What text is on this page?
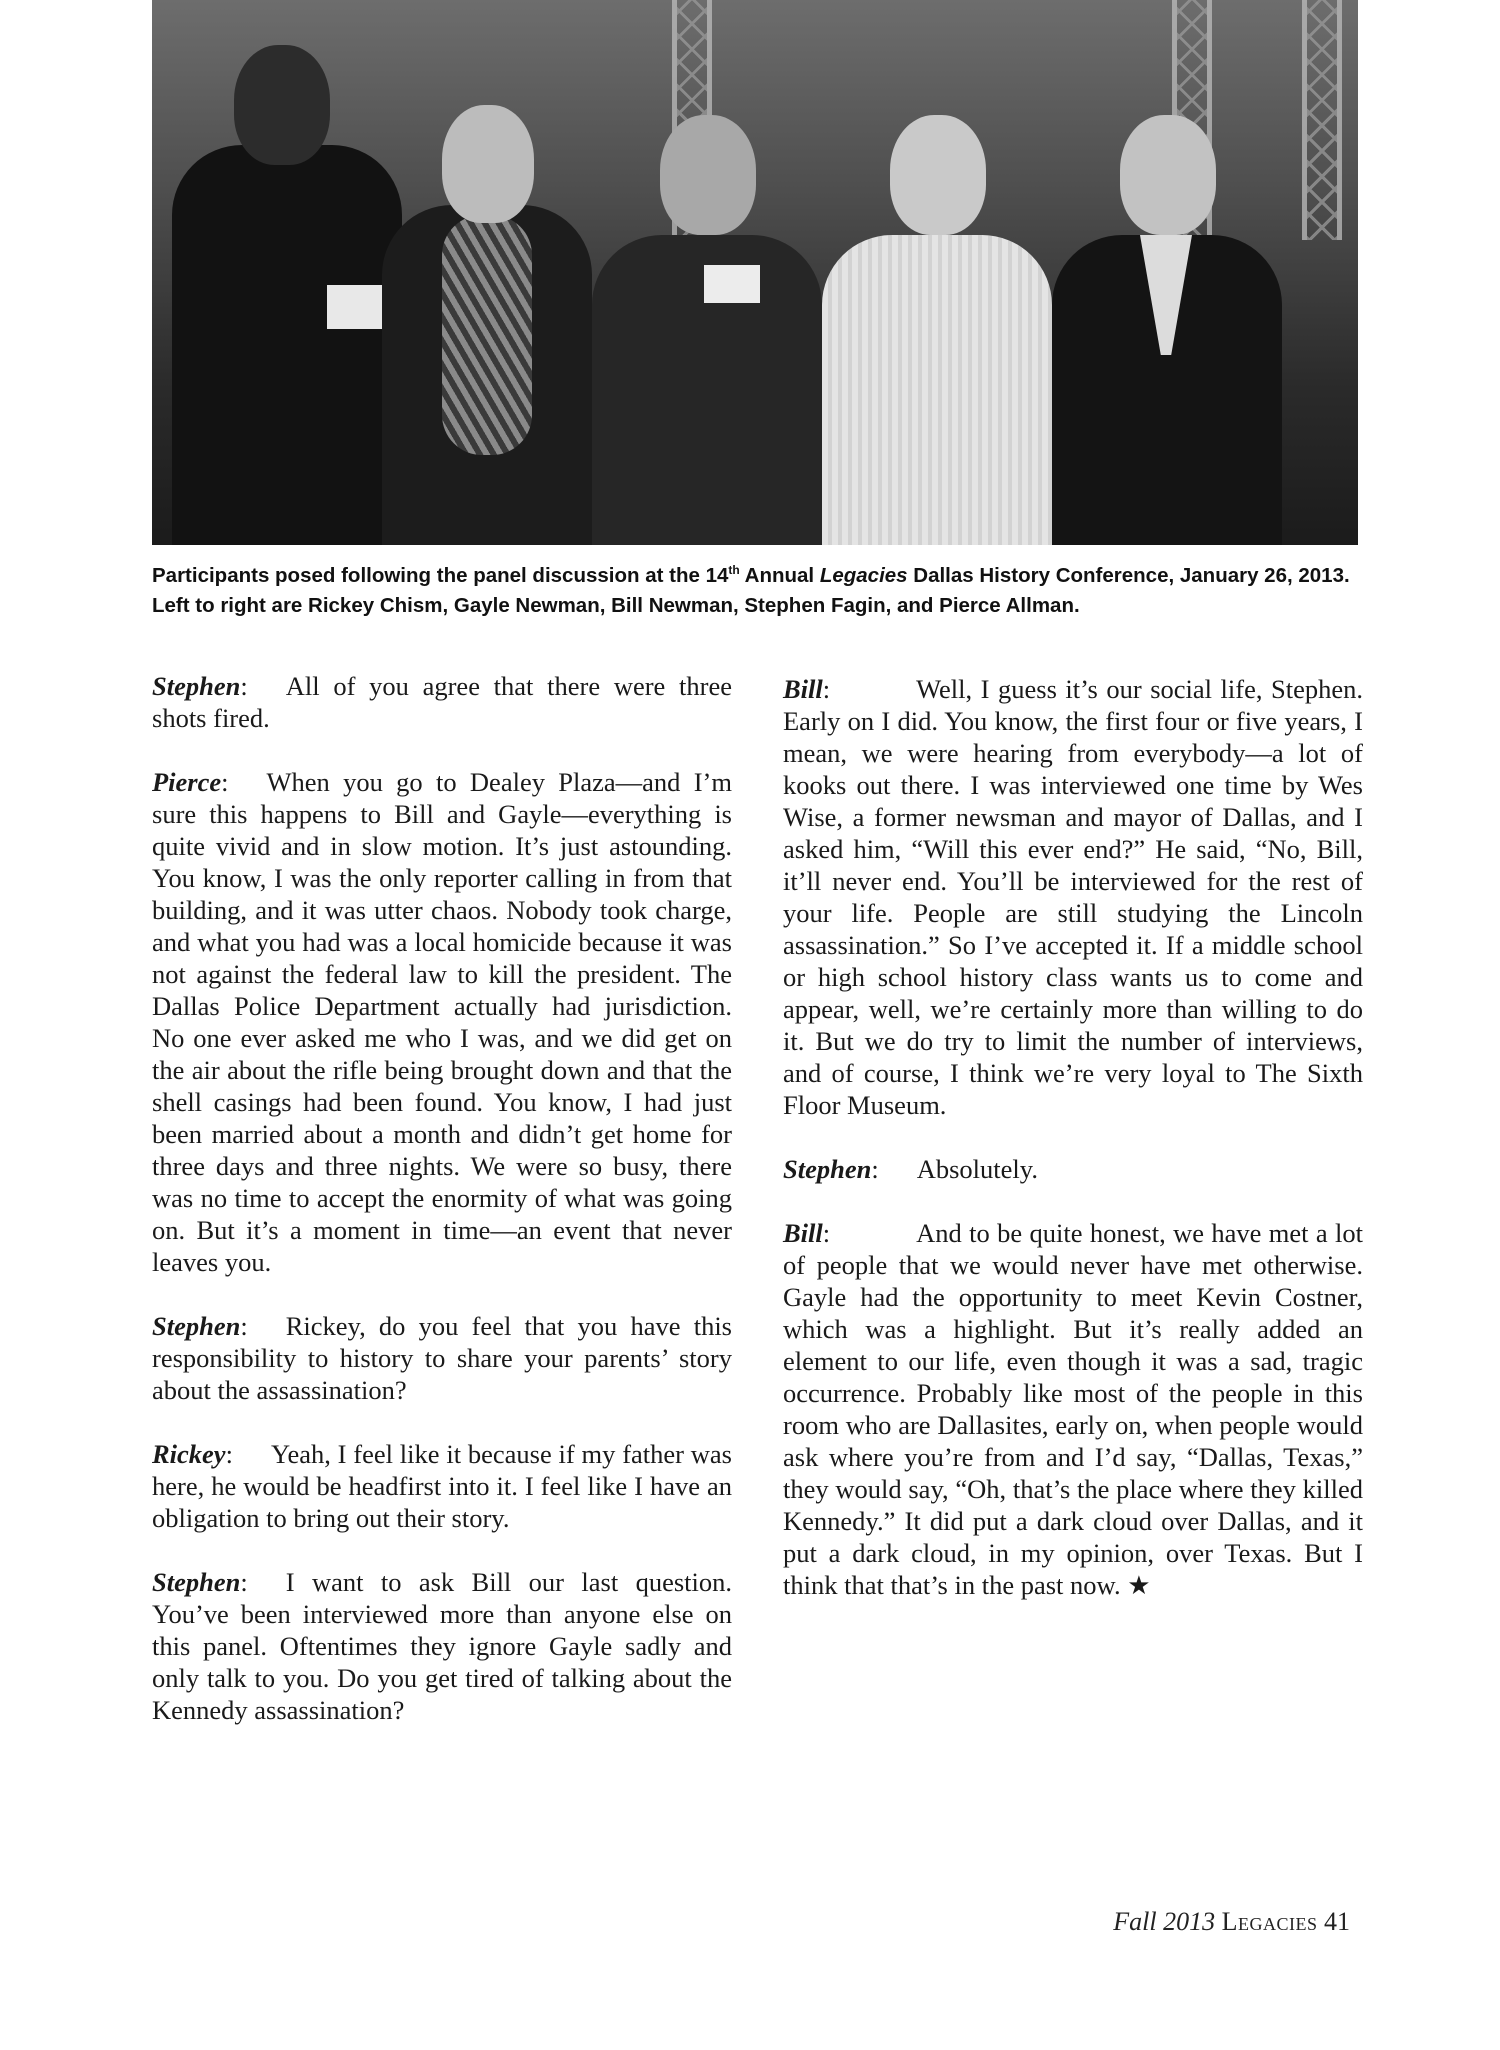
Participants posed following the panel discussion at the 14th Annual Legacies Dallas History Conference, January 26, 2013. Left to right are Rickey Chism, Gayle Newman, Bill Newman, Stephen Fagin, and Pierce Allman.

Stephen: All of you agree that there were three shots fired.

Pierce: When you go to Dealey Plaza—and I’m sure this happens to Bill and Gayle—everything is quite vivid and in slow motion. It’s just astounding. You know, I was the only reporter calling in from that building, and it was utter chaos. Nobody took charge, and what you had was a local homicide because it was not against the federal law to kill the president. The Dallas Police Department actually had jurisdiction. No one ever asked me who I was, and we did get on the air about the rifle being brought down and that the shell casings had been found. You know, I had just been married about a month and didn’t get home for three days and three nights. We were so busy, there was no time to accept the enormity of what was going on. But it’s a moment in time—an event that never leaves you.

Stephen: Rickey, do you feel that you have this responsibility to history to share your parents’ story about the assassination?

Rickey: Yeah, I feel like it because if my father was here, he would be headfirst into it. I feel like I have an obligation to bring out their story.

Stephen: I want to ask Bill our last question. You’ve been interviewed more than anyone else on this panel. Oftentimes they ignore Gayle sadly and only talk to you. Do you get tired of talking about the Kennedy assassination?

Bill:	Well, I guess it’s our social life, Stephen. Early on I did. You know, the first four or five years, I mean, we were hearing from everybody—a lot of kooks out there. I was interviewed one time by Wes Wise, a former newsman and mayor of Dallas, and I asked him, “Will this ever end?” He said, “No, Bill, it’ll never end. You’ll be interviewed for the rest of your life. People are still studying the Lincoln assassination.” So I’ve accepted it. If a middle school or high school history class wants us to come and appear, well, we’re certainly more than willing to do it. But we do try to limit the number of interviews, and of course, I think we’re very loyal to The Sixth Floor Museum.

Stephen: Absolutely.

Bill:	And to be quite honest, we have met a lot of people that we would never have met otherwise. Gayle had the opportunity to meet Kevin Costner, which was a highlight. But it’s really added an element to our life, even though it was a sad, tragic occurrence. Probably like most of the people in this room who are Dallasites, early on, when people would ask where you’re from and I’d say, “Dallas, Texas,” they would say, “Oh, that’s the place where they killed Kennedy.” It did put a dark cloud over Dallas, and it put a dark cloud, in my opinion, over Texas. But I think that that’s in the past now. ★

Fall 2013 Legacies 41
